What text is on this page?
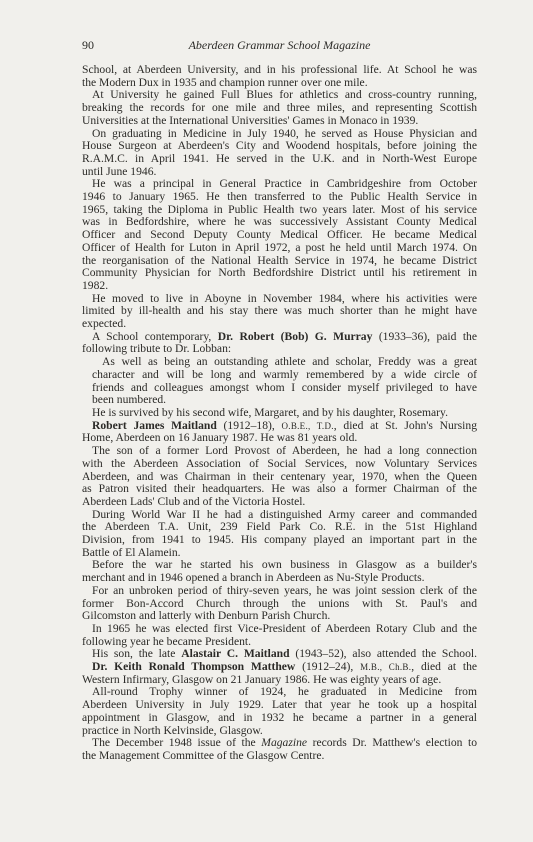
90	Aberdeen Grammar School Magazine
School, at Aberdeen University, and in his professional life. At School he was
the Modern Dux in 1935 and champion runner over one mile.
At University he gained Full Blues for athletics and cross-country running,
breaking the records for one mile and three miles, and representing Scottish
Universities at the International Universities' Games in Monaco in 1939.
On graduating in Medicine in July 1940, he served as House Physician and
House Surgeon at Aberdeen's City and Woodend hospitals, before joining the
R.A.M.C. in April 1941. He served in the U.K. and in North-West Europe
until June 1946.
He was a principal in General Practice in Cambridgeshire from October
1946 to January 1965. He then transferred to the Public Health Service in
1965, taking the Diploma in Public Health two years later. Most of his service
was in Bedfordshire, where he was successively Assistant County Medical
Officer and Second Deputy County Medical Officer. He became Medical
Officer of Health for Luton in April 1972, a post he held until March 1974. On
the reorganisation of the National Health Service in 1974, he became District
Community Physician for North Bedfordshire District until his retirement in
1982.
He moved to live in Aboyne in November 1984, where his activities were
limited by ill-health and his stay there was much shorter than he might have
expected.
A School contemporary, Dr. Robert (Bob) G. Murray (1933–36), paid the
following tribute to Dr. Lobban:
As well as being an outstanding athlete and scholar, Freddy was a great
character and will be long and warmly remembered by a wide circle of
friends and colleagues amongst whom I consider myself privileged to have
been numbered.
He is survived by his second wife, Margaret, and by his daughter, Rosemary.
Robert James Maitland (1912–18), O.B.E., T.D., died at St. John's Nursing
Home, Aberdeen on 16 January 1987. He was 81 years old.
The son of a former Lord Provost of Aberdeen, he had a long connection
with the Aberdeen Association of Social Services, now Voluntary Services
Aberdeen, and was Chairman in their centenary year, 1970, when the Queen
as Patron visited their headquarters. He was also a former Chairman of the
Aberdeen Lads' Club and of the Victoria Hostel.
During World War II he had a distinguished Army career and commanded
the Aberdeen T.A. Unit, 239 Field Park Co. R.E. in the 51st Highland
Division, from 1941 to 1945. His company played an important part in the
Battle of El Alamein.
Before the war he started his own business in Glasgow as a builder's
merchant and in 1946 opened a branch in Aberdeen as Nu-Style Products.
For an unbroken period of thiry-seven years, he was joint session clerk of the
former Bon-Accord Church through the unions with St. Paul's and
Gilcomston and latterly with Denburn Parish Church.
In 1965 he was elected first Vice-President of Aberdeen Rotary Club and the
following year he became President.
His son, the late Alastair C. Maitland (1943–52), also attended the School.
Dr. Keith Ronald Thompson Matthew (1912–24), M.B., Ch.B., died at the
Western Infirmary, Glasgow on 21 January 1986. He was eighty years of age.
All-round Trophy winner of 1924, he graduated in Medicine from
Aberdeen University in July 1929. Later that year he took up a hospital
appointment in Glasgow, and in 1932 he became a partner in a general
practice in North Kelvinside, Glasgow.
The December 1948 issue of the Magazine records Dr. Matthew's election to
the Management Committee of the Glasgow Centre.
